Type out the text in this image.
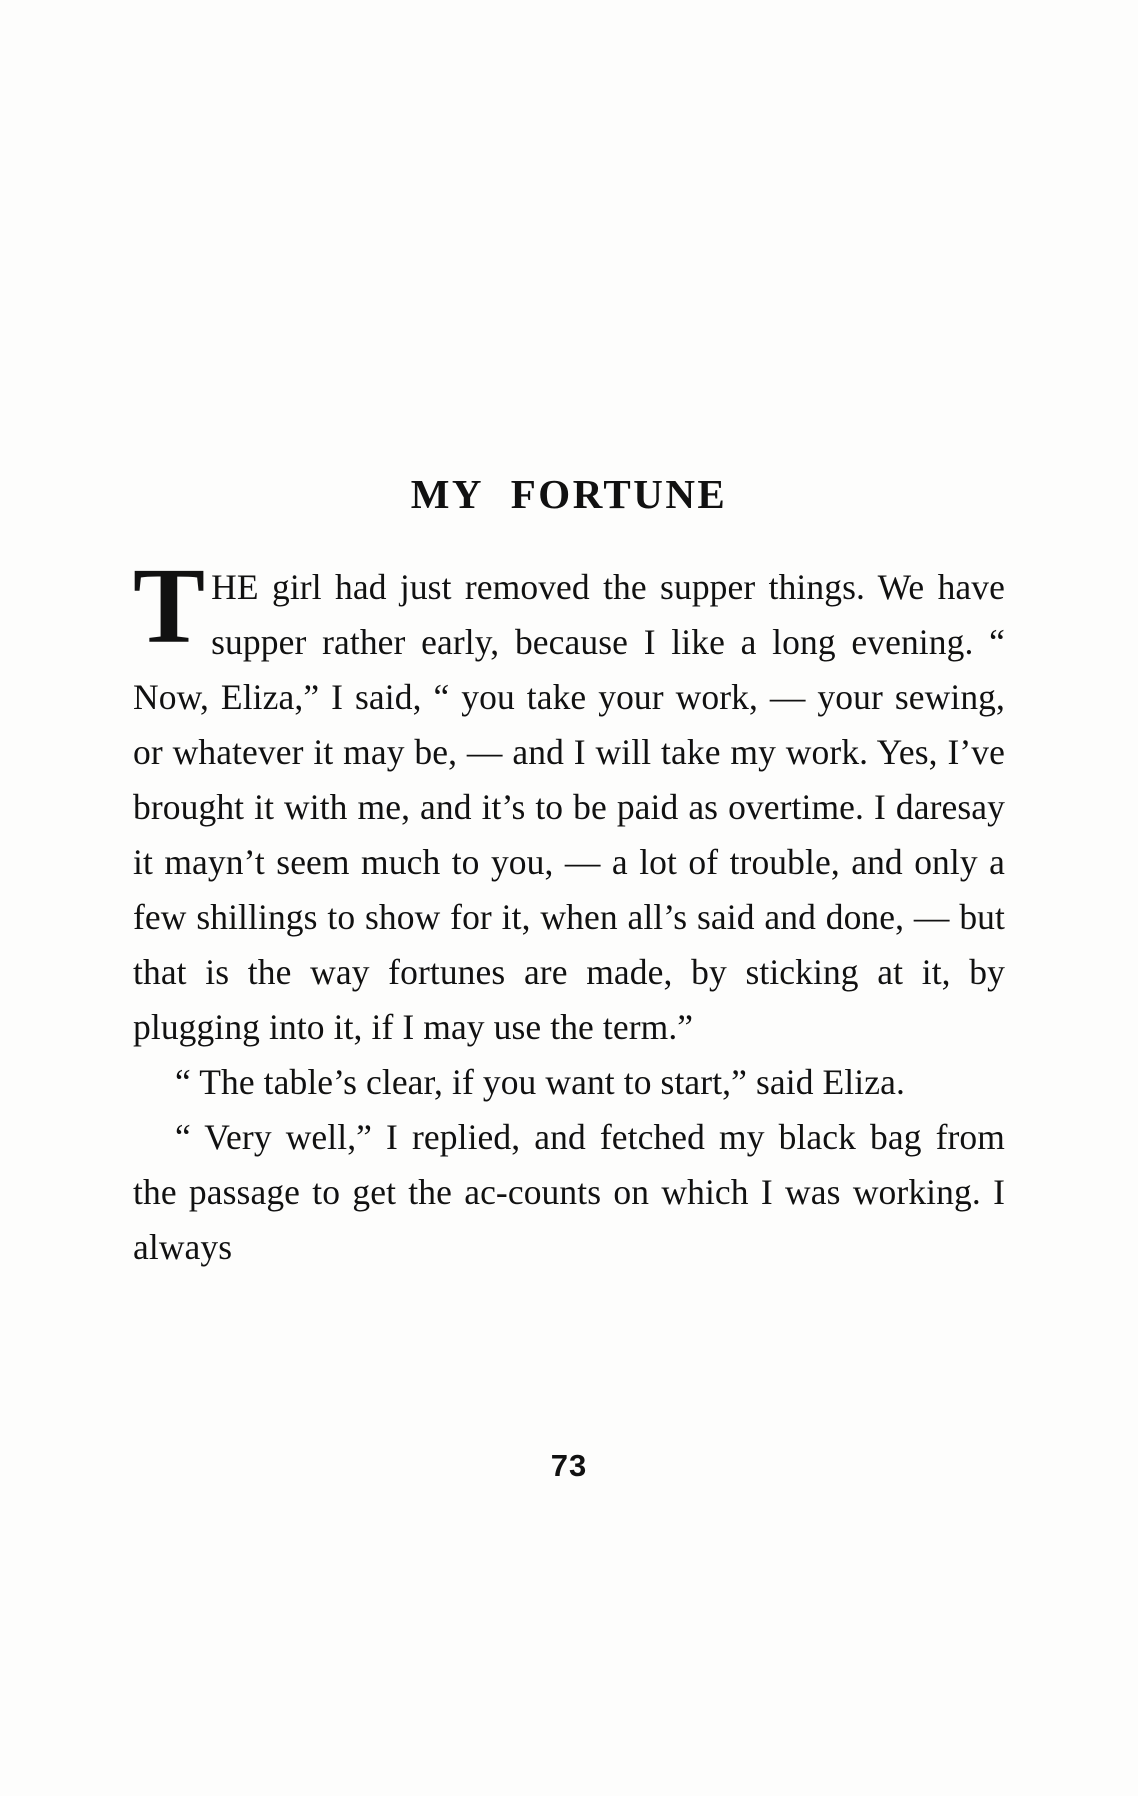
MY FORTUNE

THE girl had just removed the supper things. We have supper rather early, because I like a long evening. “ Now, Eliza,” I said, “ you take your work, — your sewing, or whatever it may be, — and I will take my work. Yes, I’ve brought it with me, and it’s to be paid as overtime. I daresay it mayn’t seem much to you, — a lot of trouble, and only a few shillings to show for it, when all’s said and done, — but that is the way fortunes are made, by sticking at it, by plugging into it, if I may use the term.”

“ The table’s clear, if you want to start,” said Eliza.

“ Very well,” I replied, and fetched my black bag from the passage to get the ac-counts on which I was working. I always

73
